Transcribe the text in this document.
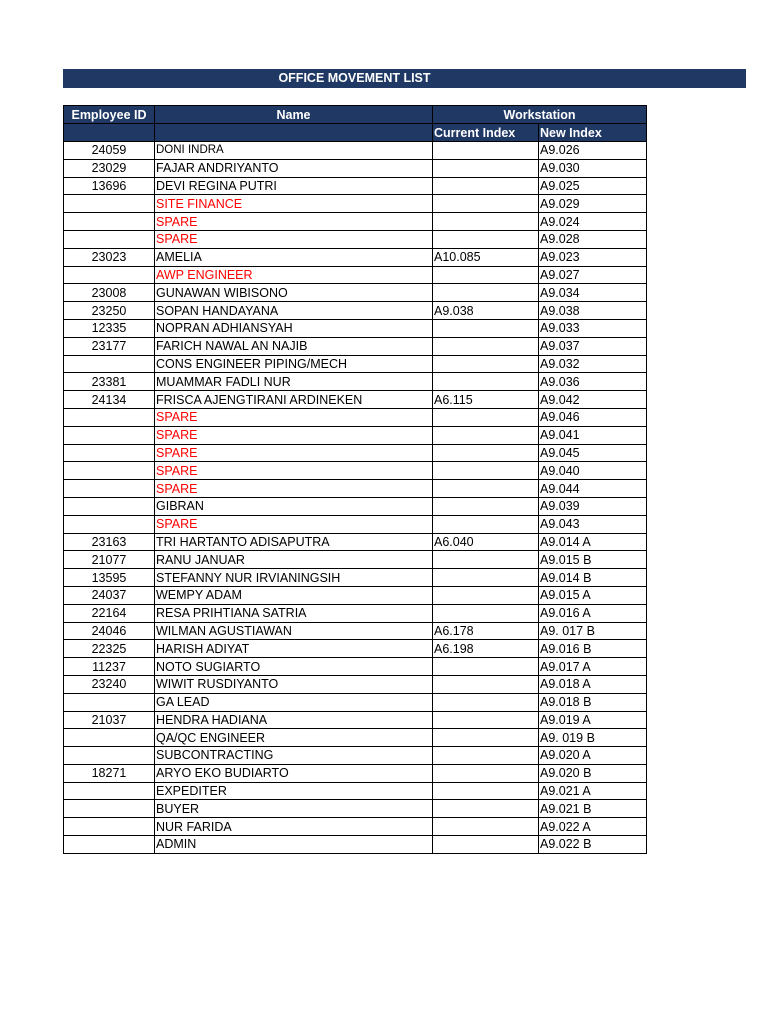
OFFICE MOVEMENT LIST
Employee ID	Name	Workstation	
		Current Index	New Index
24059	DONI INDRA		A9.026
23029	FAJAR ANDRIYANTO		A9.030
13696	DEVI REGINA PUTRI		A9.025
	SITE FINANCE		A9.029
	SPARE		A9.024
	SPARE		A9.028
23023	AMELIA	A10.085	A9.023
	AWP ENGINEER		A9.027
23008	GUNAWAN WIBISONO		A9.034
23250	SOPAN HANDAYANA	A9.038	A9.038
12335	NOPRAN ADHIANSYAH		A9.033
23177	FARICH NAWAL AN NAJIB		A9.037
	CONS ENGINEER PIPING/MECH		A9.032
23381	MUAMMAR FADLI NUR		A9.036
24134	FRISCA AJENGTIRANI ARDINEKEN	A6.115	A9.042
	SPARE		A9.046
	SPARE		A9.041
	SPARE		A9.045
	SPARE		A9.040
	SPARE		A9.044
	GIBRAN		A9.039
	SPARE		A9.043
23163	TRI HARTANTO ADISAPUTRA	A6.040	A9.014 A
21077	RANU JANUAR		A9.015 B
13595	STEFANNY NUR IRVIANINGSIH		A9.014 B
24037	WEMPY ADAM		A9.015 A
22164	RESA PRIHTIANA SATRIA		A9.016 A
24046	WILMAN AGUSTIAWAN	A6.178	A9. 017 B
22325	HARISH ADIYAT	A6.198	A9.016 B
11237	NOTO SUGIARTO		A9.017 A
23240	WIWIT RUSDIYANTO		A9.018 A
	GA LEAD		A9.018 B
21037	HENDRA HADIANA		A9.019 A
	QA/QC ENGINEER		A9. 019 B
	SUBCONTRACTING		A9.020 A
18271	ARYO EKO BUDIARTO		A9.020 B
	EXPEDITER		A9.021 A
	BUYER		A9.021 B
	NUR FARIDA		A9.022 A
	ADMIN		A9.022 B
